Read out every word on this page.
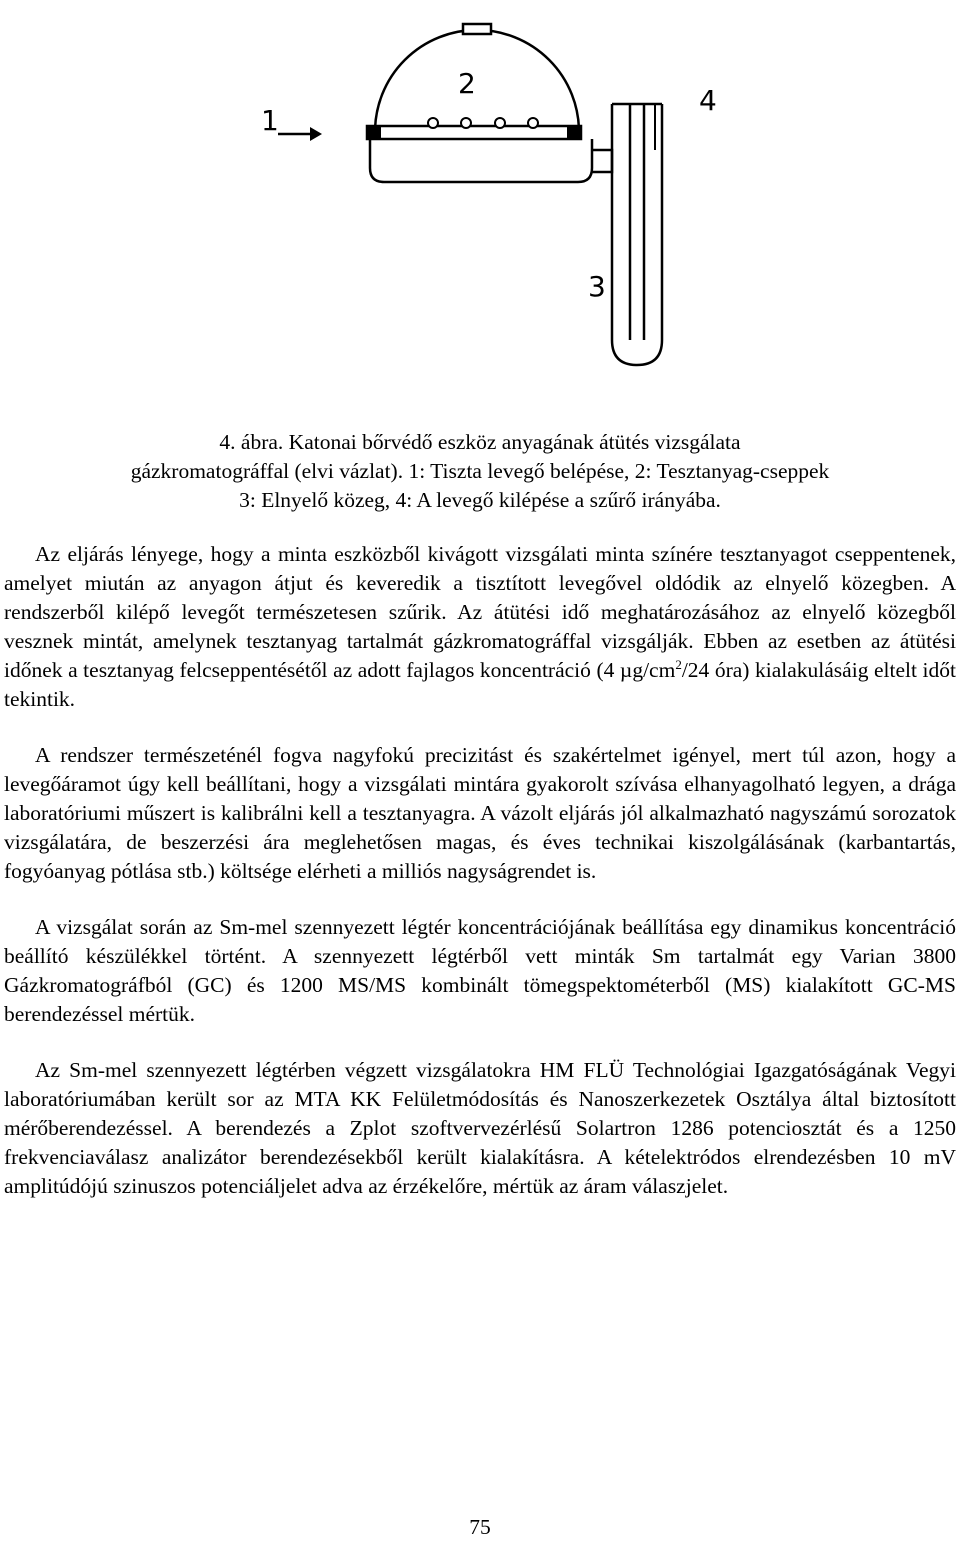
1
2
3
4
4. ábra. Katonai bőrvédő eszköz anyagának átütés vizsgálata
gázkromatográffal (elvi vázlat). 1: Tiszta levegő belépése, 2: Tesztanyag-cseppek
3: Elnyelő közeg, 4: A levegő kilépése a szűrő irányába.

Az eljárás lényege, hogy a minta eszközből kivágott vizsgálati minta színére tesztanyagot cseppentenek, amelyet miután az anyagon átjut és keveredik a tisztított levegővel oldódik az elnyelő közegben. A rendszerből kilépő levegőt természetesen szűrik. Az átütési idő meghatározásához az elnyelő közegből vesznek mintát, amelynek tesztanyag tartalmát gázkromatográffal vizsgálják. Ebben az esetben az átütési időnek a tesztanyag felcseppentésétől az adott fajlagos koncentráció (4 $\mu g/cm^2/24$ óra) kialakulásáig eltelt időt tekintik.

A rendszer természeténél fogva nagyfokú precizitást és szakértelmet igényel, mert túl azon, hogy a levegőáramot úgy kell beállítani, hogy a vizsgálati mintára gyakorolt szívása elhanyagolható legyen, a drága laboratóriumi műszert is kalibrálni kell a tesztanyagra. A vázolt eljárás jól alkalmazható nagyszámú sorozatok vizsgálatára, de beszerzési ára meglehetősen magas, és éves technikai kiszolgálásának (karbantartás, fogyóanyag pótlása stb.) költsége elérheti a milliós nagyságrendet is.

A vizsgálat során az Sm-mel szennyezett légtér koncentrációjának beállítása egy dinamikus koncentráció beállító készülékkel történt. A szennyezett légtérből vett minták Sm tartalmát egy Varian 3800 Gázkromatográfból (GC) és 1200 MS/MS kombinált tömegspektométerből (MS) kialakított GC-MS berendezéssel mértük.

Az Sm-mel szennyezett légtérben végzett vizsgálatokra HM FLÜ Technológiai Igazgatóságának Vegyi laboratóriumában került sor az MTA KK Felületmódosítás és Nanoszerkezetek Osztálya által biztosított mérőberendezéssel. A berendezés a Zplot szoftvervezérlésű Solartron 1286 potenciosztát és a 1250 frekvenciaválasz analizátor berendezésekből került kialakításra. A kételektródos elrendezésben 10 mV amplitúdójú szinuszos potenciáljelet adva az érzékelőre, mértük az áram válaszjelet.

75
